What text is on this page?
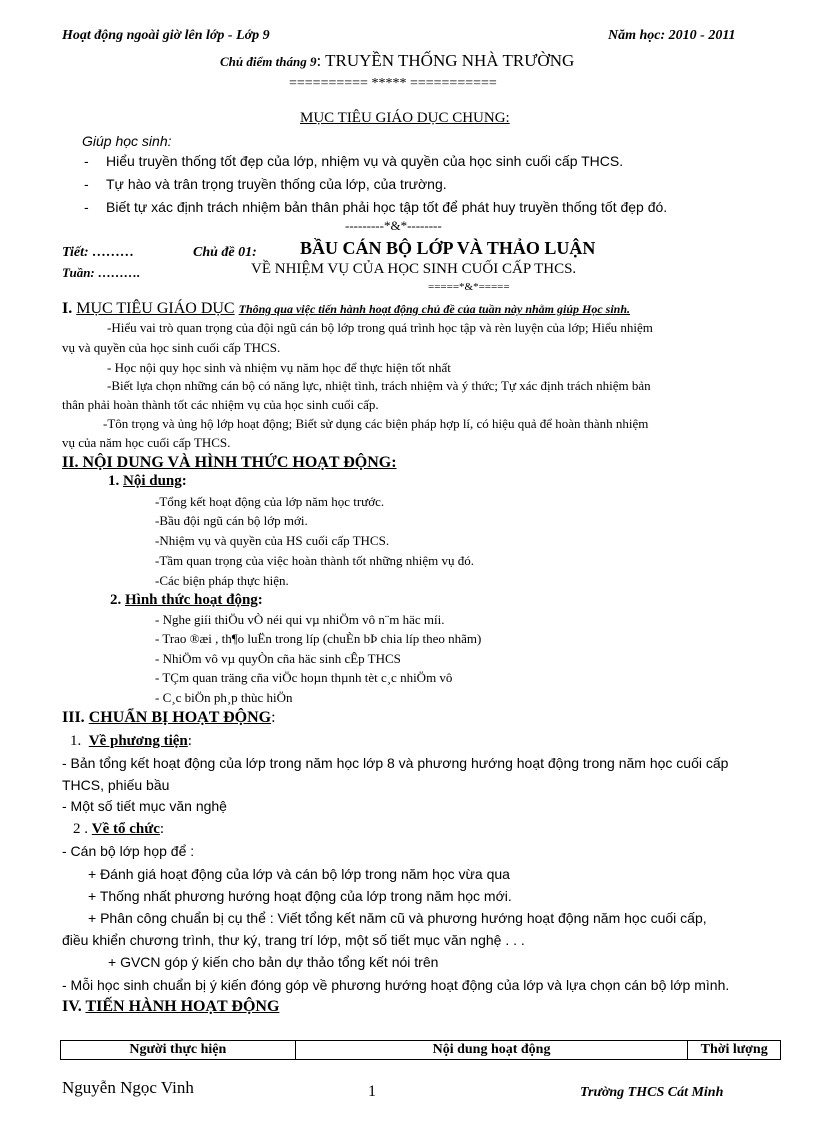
Hoạt động ngoài giờ lên lớp - Lớp 9	Năm học: 2010 - 2011
Chủ điểm tháng 9: TRUYỀN THỐNG NHÀ TRƯỜNG
========== ***** ===========
MỤC TIÊU GIÁO DỤC CHUNG:
Giúp học sinh:
- Hiểu truyền thống tốt đẹp của lớp, nhiệm vụ và quyền của học sinh cuối cấp THCS.
- Tự hào và trân trọng truyền thống của lớp, của trường.
- Biết tự xác định trách nhiệm bản thân phải học tập tốt để phát huy truyền thống tốt đẹp đó.
---------*&*--------
Tiết: ………
Tuần: ……….
Chủ đề 01: BẦU CÁN BỘ LỚP VÀ THẢO LUẬN
VỀ NHIỆM VỤ CỦA HỌC SINH CUỐI CẤP THCS.
=====*&*=====
I. MỤC TIÊU GIÁO DỤC Thông qua việc tiến hành hoạt động chủ đề của tuần này nhằm giúp Học sinh.
-Hiểu vai trò quan trọng của đội ngũ cán bộ lớp trong quá trình học tập và rèn luyện của lớp; Hiểu nhiệm
vụ và quyền của học sinh cuối cấp THCS.
- Học nội quy học sinh và nhiệm vụ năm học để thực hiện tốt nhất
-Biết lựa chọn những cán bộ có năng lực, nhiệt tình, trách nhiệm và ý thức; Tự xác định trách nhiệm bản
thân phải hoàn thành tốt các nhiệm vụ của học sinh cuối cấp.
-Tôn trọng và ủng hộ lớp hoạt động; Biết sử dụng các biện pháp hợp lí, có hiệu quả để hoàn thành nhiệm
vụ của năm học cuối cấp THCS.
II. NỘI DUNG VÀ HÌNH THỨC HOẠT ĐỘNG:
1. Nội dung:
-Tổng kết hoạt động của lớp năm học trước.
-Bầu đội ngũ cán bộ lớp mới.
-Nhiệm vụ và quyền của HS cuối cấp THCS.
-Tầm quan trọng của việc hoàn thành tốt những nhiệm vụ đó.
-Các biện pháp thực hiện.
2. Hình thức hoạt động:
- Nghe giíi thiÖu vÒ néi qui vµ nhiÖm vô n¨m häc míi.
- Trao ®æi , th¶o luËn trong líp (chuÈn bÞ chia líp theo nhãm)
- NhiÖm vô vµ quyÒn cña häc sinh cÊp THCS
- TÇm quan träng cña viÖc hoµn thµnh tèt c¸c nhiÖm vô
- C¸c biÖn ph¸p thùc hiÖn
III. CHUẨN BỊ HOẠT ĐỘNG:
1. Về phương tiện:
- Bản tổng kết hoạt động của lớp trong năm học lớp 8 và phương hướng hoạt động trong năm học cuối cấp
THCS, phiếu bầu
- Một số tiết mục văn nghệ
2 . Về tổ chức:
- Cán bộ lớp họp để :
+ Đánh giá hoạt động của lớp và cán bộ lớp trong năm học vừa qua
+ Thống nhất phương hướng hoạt động của lớp trong năm học mới.
+ Phân công chuẩn bị cụ thể : Viết tổng kết năm cũ và phương hướng hoạt động năm học cuối cấp,
điều khiển chương trình, thư ký, trang trí lớp, một số tiết mục văn nghệ . . .
+ GVCN góp ý kiến cho bản dự thảo tổng kết nói trên
- Mỗi học sinh chuẩn bị ý kiến đóng góp về phương hướng hoạt động của lớp và lựa chọn cán bộ lớp mình.
IV. TIẾN HÀNH HOẠT ĐỘNG
Người thực hiện	Nội dung hoạt động	Thời lượng
Nguyễn Ngọc Vinh	1	Trường THCS Cát Minh
